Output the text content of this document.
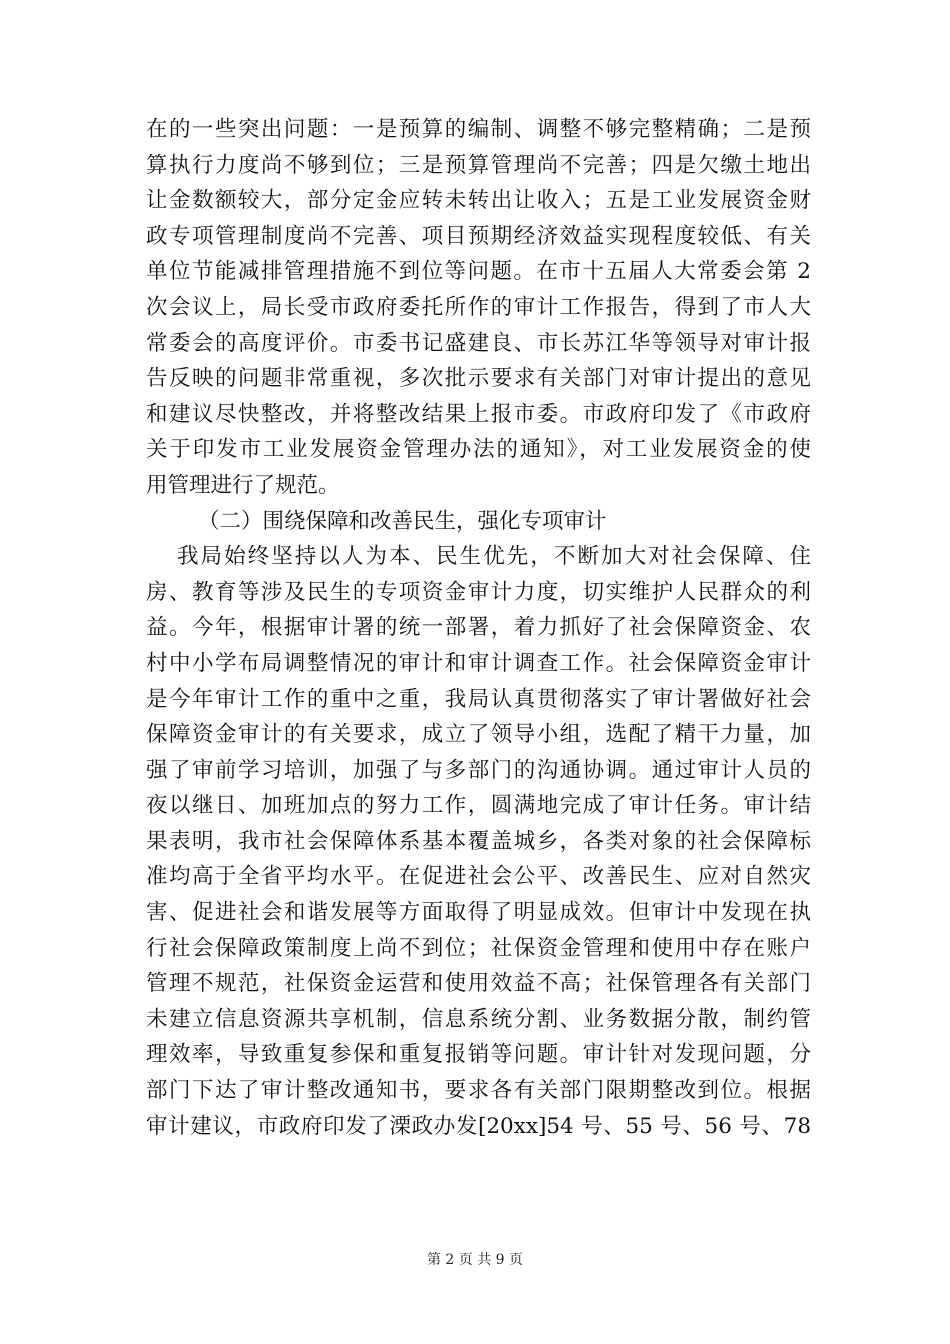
在的一些突出问题：一是预算的编制、调整不够完整精确；二是预
算执行力度尚不够到位；三是预算管理尚不完善；四是欠缴土地出
让金数额较大，部分定金应转未转出让收入；五是工业发展资金财
政专项管理制度尚不完善、项目预期经济效益实现程度较低、有关
单位节能减排管理措施不到位等问题。在市十五届人大常委会第 2
次会议上，局长受市政府委托所作的审计工作报告，得到了市人大
常委会的高度评价。市委书记盛建良、市长苏江华等领导对审计报
告反映的问题非常重视，多次批示要求有关部门对审计提出的意见
和建议尽快整改，并将整改结果上报市委。市政府印发了《市政府
关于印发市工业发展资金管理办法的通知》，对工业发展资金的使
用管理进行了规范。
（二）围绕保障和改善民生，强化专项审计
我局始终坚持以人为本、民生优先，不断加大对社会保障、住
房、教育等涉及民生的专项资金审计力度，切实维护人民群众的利
益。今年，根据审计署的统一部署，着力抓好了社会保障资金、农
村中小学布局调整情况的审计和审计调查工作。社会保障资金审计
是今年审计工作的重中之重，我局认真贯彻落实了审计署做好社会
保障资金审计的有关要求，成立了领导小组，选配了精干力量，加
强了审前学习培训，加强了与多部门的沟通协调。通过审计人员的
夜以继日、加班加点的努力工作，圆满地完成了审计任务。审计结
果表明，我市社会保障体系基本覆盖城乡，各类对象的社会保障标
准均高于全省平均水平。在促进社会公平、改善民生、应对自然灾
害、促进社会和谐发展等方面取得了明显成效。但审计中发现在执
行社会保障政策制度上尚不到位；社保资金管理和使用中存在账户
管理不规范，社保资金运营和使用效益不高；社保管理各有关部门
未建立信息资源共享机制，信息系统分割、业务数据分散，制约管
理效率，导致重复参保和重复报销等问题。审计针对发现问题，分
部门下达了审计整改通知书，要求各有关部门限期整改到位。根据
审计建议，市政府印发了溧政办发[20xx]54 号、55 号、56 号、78
第 2 页 共 9 页
